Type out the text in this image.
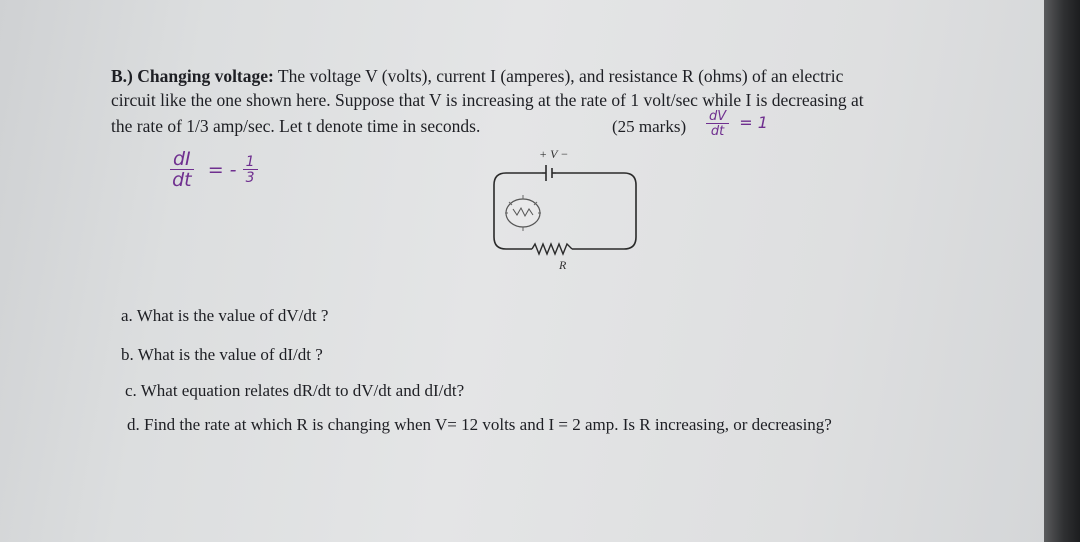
B.) Changing voltage: The voltage V (volts), current I (amperes), and resistance R (ohms) of an electric
circuit like the one shown here. Suppose that V is increasing at the rate of 1 volt/sec while I is decreasing at
the rate of 1/3 amp/sec. Let t denote time in seconds.	(25 marks) $\frac{dV}{dt} = 1$
$\frac{dI}{dt}$ = - $\frac{1}{3}$
+ V −
R
a. What is the value of dV/dt ?
b. What is the value of dI/dt ?
c. What equation relates dR/dt to dV/dt and dI/dt?
d. Find the rate at which R is changing when V= 12 volts and I = 2 amp. Is R increasing, or decreasing?
